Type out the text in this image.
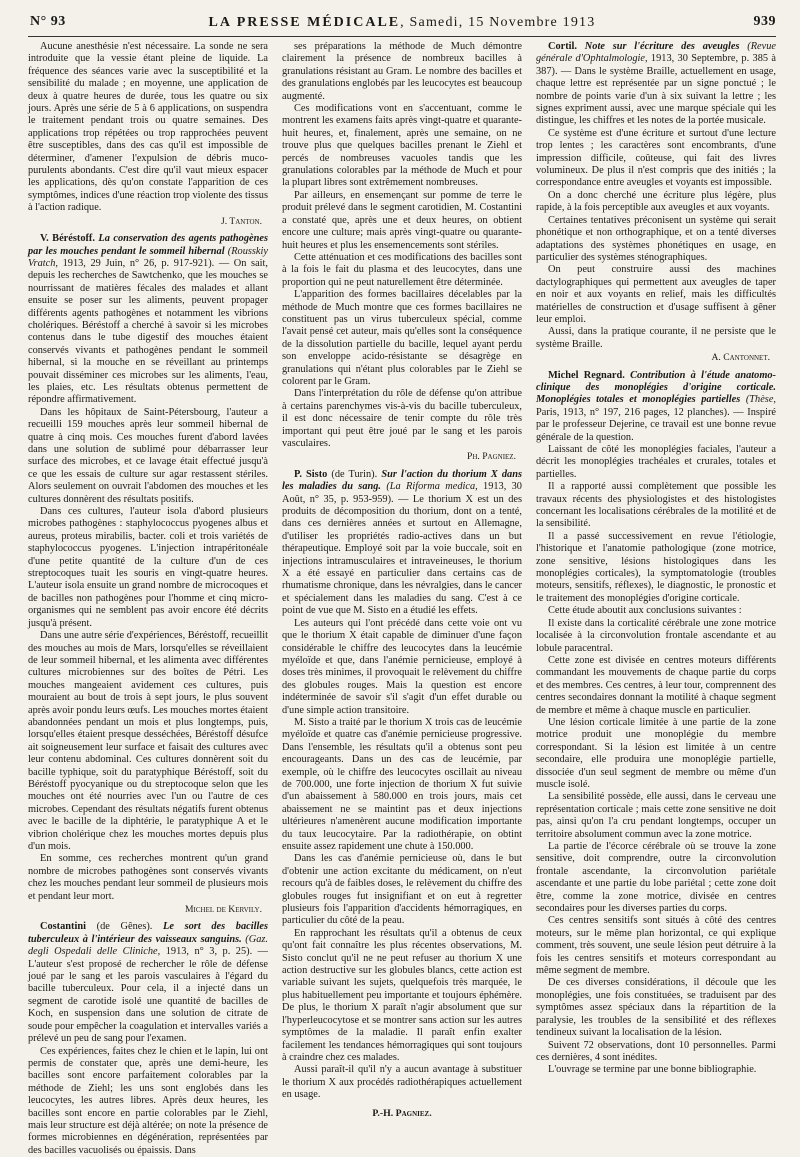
N° 93	LA PRESSE MÉDICALE, Samedi, 15 Novembre 1913	939

Aucune anesthésie n'est nécessaire. La sonde ne sera introduite que la vessie étant pleine de liquide. La fréquence des séances varie avec la susceptibilité et la sensibilité du malade ; en moyenne, une application de deux à quatre heures de durée, tous les quatre ou six jours. Après une série de 5 à 6 applications, on suspendra le traitement pendant trois ou quatre semaines. Des applications trop répétées ou trop rapprochées peuvent être susceptibles, dans des cas qu'il est impossible de déterminer, d'amener l'expulsion de débris muco-purulents abondants. C'est dire qu'il vaut mieux espacer les applications, dès qu'on constate l'apparition de ces symptômes, indices d'une réaction trop violente des tissus à l'action radique.

J. Tanton.

V. Béréstoff. La conservation des agents pathogènes par les mouches pendant le sommeil hibernal (Rousskiy Vratch, 1913, 29 Juin, n° 26, p. 917-921). — On sait, depuis les recherches de Sawtchenko, que les mouches se nourrissant de matières fécales des malades et allant ensuite se poser sur les aliments, peuvent propager différents agents pathogènes et notamment les vibrions cholériques. Béréstoff a cherché à savoir si les microbes contenus dans le tube digestif des mouches étaient conservés vivants et pathogènes pendant le sommeil hibernal, si la mouche en se réveillant au printemps pouvait disséminer ces microbes sur les aliments, l'eau, les plaies, etc. Les résultats obtenus permettent de répondre affirmativement.

Dans les hôpitaux de Saint-Pétersbourg, l'auteur a recueilli 159 mouches après leur sommeil hibernal de quatre à cinq mois. Ces mouches furent d'abord lavées dans une solution de sublimé pour débarrasser leur surface des microbes, et ce lavage était effectué jusqu'à ce que les essais de culture sur agar restassent stériles. Alors seulement on ouvrait l'abdomen des mouches et les cultures donnèrent des résultats positifs.

Dans ces cultures, l'auteur isola d'abord plusieurs microbes pathogènes : staphylococcus pyogenes albus et aureus, proteus mirabilis, bacter. coli et trois variétés de staphylococcus pyogenes. L'injection intrapéritonéale d'une petite quantité de la culture d'un de ces streptocoques tuait les souris en vingt-quatre heures. L'auteur isola ensuite un grand nombre de microcoques et de bacilles non pathogènes pour l'homme et cinq micro-organismes qui ne semblent pas avoir encore été décrits jusqu'à présent.

Dans une autre série d'expériences, Béréstoff, recueillit des mouches au mois de Mars, lorsqu'elles se réveillaient de leur sommeil hibernal, et les alimenta avec différentes cultures microbiennes sur des boîtes de Pétri. Les mouches mangeaient avidement ces cultures, puis mouraient au bout de trois à sept jours, le plus souvent après avoir pondu leurs œufs. Les mouches mortes étaient abandonnées pendant un mois et plus longtemps, puis, lorsqu'elles étaient presque desséchées, Béréstoff désufce ait soigneusement leur surface et faisait des cultures avec leur contenu abdominal. Ces cultures donnèrent soit du bacille typhique, soit du paratyphique Béréstoff, soit du Béréstoff pyocyanique ou du streptocoque selon que les mouches ont été nourries avec l'un ou l'autre de ces microbes. Cependant des résultats négatifs furent obtenus avec le bacille de la diphtérie, le paratyphique A et le vibrion cholérique chez les mouches mortes depuis plus d'un mois.

En somme, ces recherches montrent qu'un grand nombre de microbes pathogènes sont conservés vivants chez les mouches pendant leur sommeil de plusieurs mois et pendant leur mort.

Michel de Kervily.

Costantini (de Gênes). Le sort des bacilles tuberculeux à l'intérieur des vaisseaux sanguins. (Gaz. degli Ospedali delle Cliniche, 1913, n° 3, p. 25). — L'auteur s'est proposé de rechercher le rôle de défense joué par le sang et les parois vasculaires à l'égard du bacille tuberculeux. Pour cela, il a injecté dans un segment de carotide isolé une quantité de bacilles de Koch, en suspension dans une solution de citrate de soude pour empêcher la coagulation et intervalles variés a prélevé un peu de sang pour l'examen.

Ces expériences, faites chez le chien et le lapin, lui ont permis de constater que, après une demi-heure, les bacilles sont encore parfaitement colorables par la méthode de Ziehl; les uns sont englobés dans les leucocytes, les autres libres. Après deux heures, les bacilles sont encore en partie colorables par le Ziehl, mais leur structure est déjà altérée; on note la présence de formes microbiennes en dégénération, représentées par des bacilles vacuolisés ou épaissis. Dans

ses préparations la méthode de Much démontre clairement la présence de nombreux bacilles à granulations résistant au Gram. Le nombre des bacilles et des granulations englobés par les leucocytes est beaucoup augmenté.

Ces modifications vont en s'accentuant, comme le montrent les examens faits après vingt-quatre et quarante-huit heures, et, finalement, après une semaine, on ne trouve plus que quelques bacilles prenant le Ziehl et percés de nombreuses vacuoles tandis que les granulations colorables par la méthode de Much et pour la plupart libres sont extrêmement nombreuses.

Par ailleurs, en ensemençant sur pomme de terre le produit prélevé dans le segment carotidien, M. Costantini a constaté que, après une et deux heures, on obtient encore une culture; mais après vingt-quatre ou quarante-huit heures et plus les ensemencements sont stériles.

Cette atténuation et ces modifications des bacilles sont à la fois le fait du plasma et des leucocytes, dans une proportion qui ne peut naturellement être déterminée.

L'apparition des formes bacillaires décelables par la méthode de Much montre que ces formes bacillaires ne constituent pas un virus tuberculeux spécial, comme l'avait pensé cet auteur, mais qu'elles sont la conséquence de la dissolution partielle du bacille, lequel ayant perdu son enveloppe acido-résistante se désagrège en granulations qui n'étant plus colorables par le Ziehl se colorent par le Gram.

Dans l'interprétation du rôle de défense qu'on attribue à certains parenchymes vis-à-vis du bacille tuberculeux, il est donc nécessaire de tenir compte du rôle très important qui peut être joué par le sang et les parois vasculaires.

Ph. Pagniez.

P. Sisto (de Turin). Sur l'action du thorium X dans les maladies du sang. (La Riforma medica, 1913, 30 Août, n° 35, p. 953-959). — Le thorium X est un des produits de décomposition du thorium, dont on a tenté, dans ces dernières années et surtout en Allemagne, d'utiliser les propriétés radio-actives dans un but thérapeutique. Employé soit par la voie buccale, soit en injections intramusculaires et intraveineuses, le thorium X a été essayé en particulier dans certains cas de rhumatisme chronique, dans les névralgies, dans le cancer et spécialement dans les maladies du sang. C'est à ce point de vue que M. Sisto en a étudié les effets.

Les auteurs qui l'ont précédé dans cette voie ont vu que le thorium X était capable de diminuer d'une façon considérable le chiffre des leucocytes dans la leucémie myéloïde et que, dans l'anémie pernicieuse, employé à doses très minimes, il provoquait le relèvement du chiffre des globules rouges. Mais la question est encore indéterminée de savoir s'il s'agit d'un effet durable ou d'une simple action transitoire.

M. Sisto a traité par le thorium X trois cas de leucémie myéloïde et quatre cas d'anémie pernicieuse progressive. Dans l'ensemble, les résultats qu'il a obtenus sont peu encourageants. Dans un des cas de leucémie, par exemple, où le chiffre des leucocytes oscillait au niveau de 700.000, une forte injection de thorium X fut suivie d'un abaissement à 580.000 en trois jours, mais cet abaissement ne se maintint pas et deux injections ultérieures n'amenèrent aucune modification importante du taux leucocytaire. Par la radiothérapie, on obtint ensuite assez rapidement une chute à 150.000.

Dans les cas d'anémie pernicieuse où, dans le but d'obtenir une action excitante du médicament, on n'eut recours qu'à de faibles doses, le relèvement du chiffre des globules rouges fut insignifiant et on eut à regretter plusieurs fois l'apparition d'accidents hémorragiques, en particulier du côté de la peau.

En rapprochant les résultats qu'il a obtenus de ceux qu'ont fait connaître les plus récentes observations, M. Sisto conclut qu'il ne ne peut refuser au thorium X une action destructive sur les globules blancs, cette action est variable suivant les sujets, quelquefois très marquée, le plus habituellement peu importante et toujours éphémère. De plus, le thorium X paraît n'agir absolument que sur l'hyperleucocytose et se montrer sans action sur les autres symptômes de la maladie. Il paraît enfin exalter facilement les tendances hémorragiques qui sont toujours à craindre chez ces malades.

Aussi paraît-il qu'il n'y a aucun avantage à substituer le thorium X aux procédés radiothérapiques actuellement en usage.

P.-H. Pagniez.

Cortil. Note sur l'écriture des aveugles (Revue générale d'Ophtalmologie, 1913, 30 Septembre, p. 385 à 387). — Dans le système Braille, actuellement en usage, chaque lettre est représentée par un signe ponctué ; le nombre de points varie d'un à six suivant la lettre ; les signes expriment aussi, avec une marque spéciale qui les distingue, les chiffres et les notes de la portée musicale.

Ce système est d'une écriture et surtout d'une lecture trop lentes ; les caractères sont encombrants, d'une impression difficile, coûteuse, qui fait des livres volumineux. De plus il n'est compris que des initiés ; la correspondance entre aveugles et voyants est impossible.

On a donc cherché une écriture plus légère, plus rapide, à la fois perceptible aux aveugles et aux voyants.

Certaines tentatives préconisent un système qui serait phonétique et non orthographique, et on a tenté diverses adaptations des systèmes phonétiques en usage, en particulier des systèmes sténographiques.

On peut construire aussi des machines dactylographiques qui permettent aux aveugles de taper en noir et aux voyants en relief, mais les difficultés matérielles de construction et d'usage suffisent à gêner leur emploi.

Aussi, dans la pratique courante, il ne persiste que le système Braille.

A. Cantonnet.

Michel Regnard. Contribution à l'étude anatomo-clinique des monoplégies d'origine corticale. Monoplégies totales et monoplégies partielles (Thèse, Paris, 1913, n° 197, 216 pages, 12 planches). — Inspiré par le professeur Dejerine, ce travail est une bonne revue générale de la question.

Laissant de côté les monoplégies faciales, l'auteur a décrit les monoplégies trachéales et crurales, totales et partielles.

Il a rapporté aussi complètement que possible les travaux récents des physiologistes et des histologistes concernant les localisations cérébrales de la motilité et de la sensibilité.

Il a passé successivement en revue l'étiologie, l'historique et l'anatomie pathologique (zone motrice, zone sensitive, lésions histologiques dans les monoplégies corticales), la symptomatologie (troubles moteurs, sensitifs, réflexes), le diagnostic, le pronostic et le traitement des monoplégies d'origine corticale.

Cette étude aboutit aux conclusions suivantes :

Il existe dans la corticalité cérébrale une zone motrice localisée à la circonvolution frontale ascendante et au lobule paracentral.

Cette zone est divisée en centres moteurs différents commandant les mouvements de chaque partie du corps et des membres. Ces centres, à leur tour, comprennent des centres secondaires donnant la motilité à chaque segment de membre et même à chaque muscle en particulier.

Une lésion corticale limitée à une partie de la zone motrice produit une monoplégie du membre correspondant. Si la lésion est limitée à un centre secondaire, elle produira une monoplégie partielle, dissociée d'un seul segment de membre ou même d'un muscle isolé.

La sensibilité possède, elle aussi, dans le cerveau une représentation corticale ; mais cette zone sensitive ne doit pas, ainsi qu'on l'a cru pendant longtemps, occuper un territoire absolument commun avec la zone motrice.

La partie de l'écorce cérébrale où se trouve la zone sensitive, doit comprendre, outre la circonvolution frontale ascendante, la circonvolution pariétale ascendante et une partie du lobe pariétal ; cette zone doit être, comme la zone motrice, divisée en centres secondaires pour les diverses parties du corps.

Ces centres sensitifs sont situés à côté des centres moteurs, sur le même plan horizontal, ce qui explique comment, très souvent, une seule lésion peut détruire à la fois les centres sensitifs et moteurs correspondant au même segment de membre.

De ces diverses considérations, il découle que les monoplégies, une fois constituées, se traduisent par des symptômes assez spéciaux dans la répartition de la paralysie, les troubles de la sensibilité et des réflexes tendineux suivant la localisation de la lésion.

Suivent 72 observations, dont 10 personnelles. Parmi ces dernières, 4 sont inédites.

L'ouvrage se termine par une bonne bibliographie.
